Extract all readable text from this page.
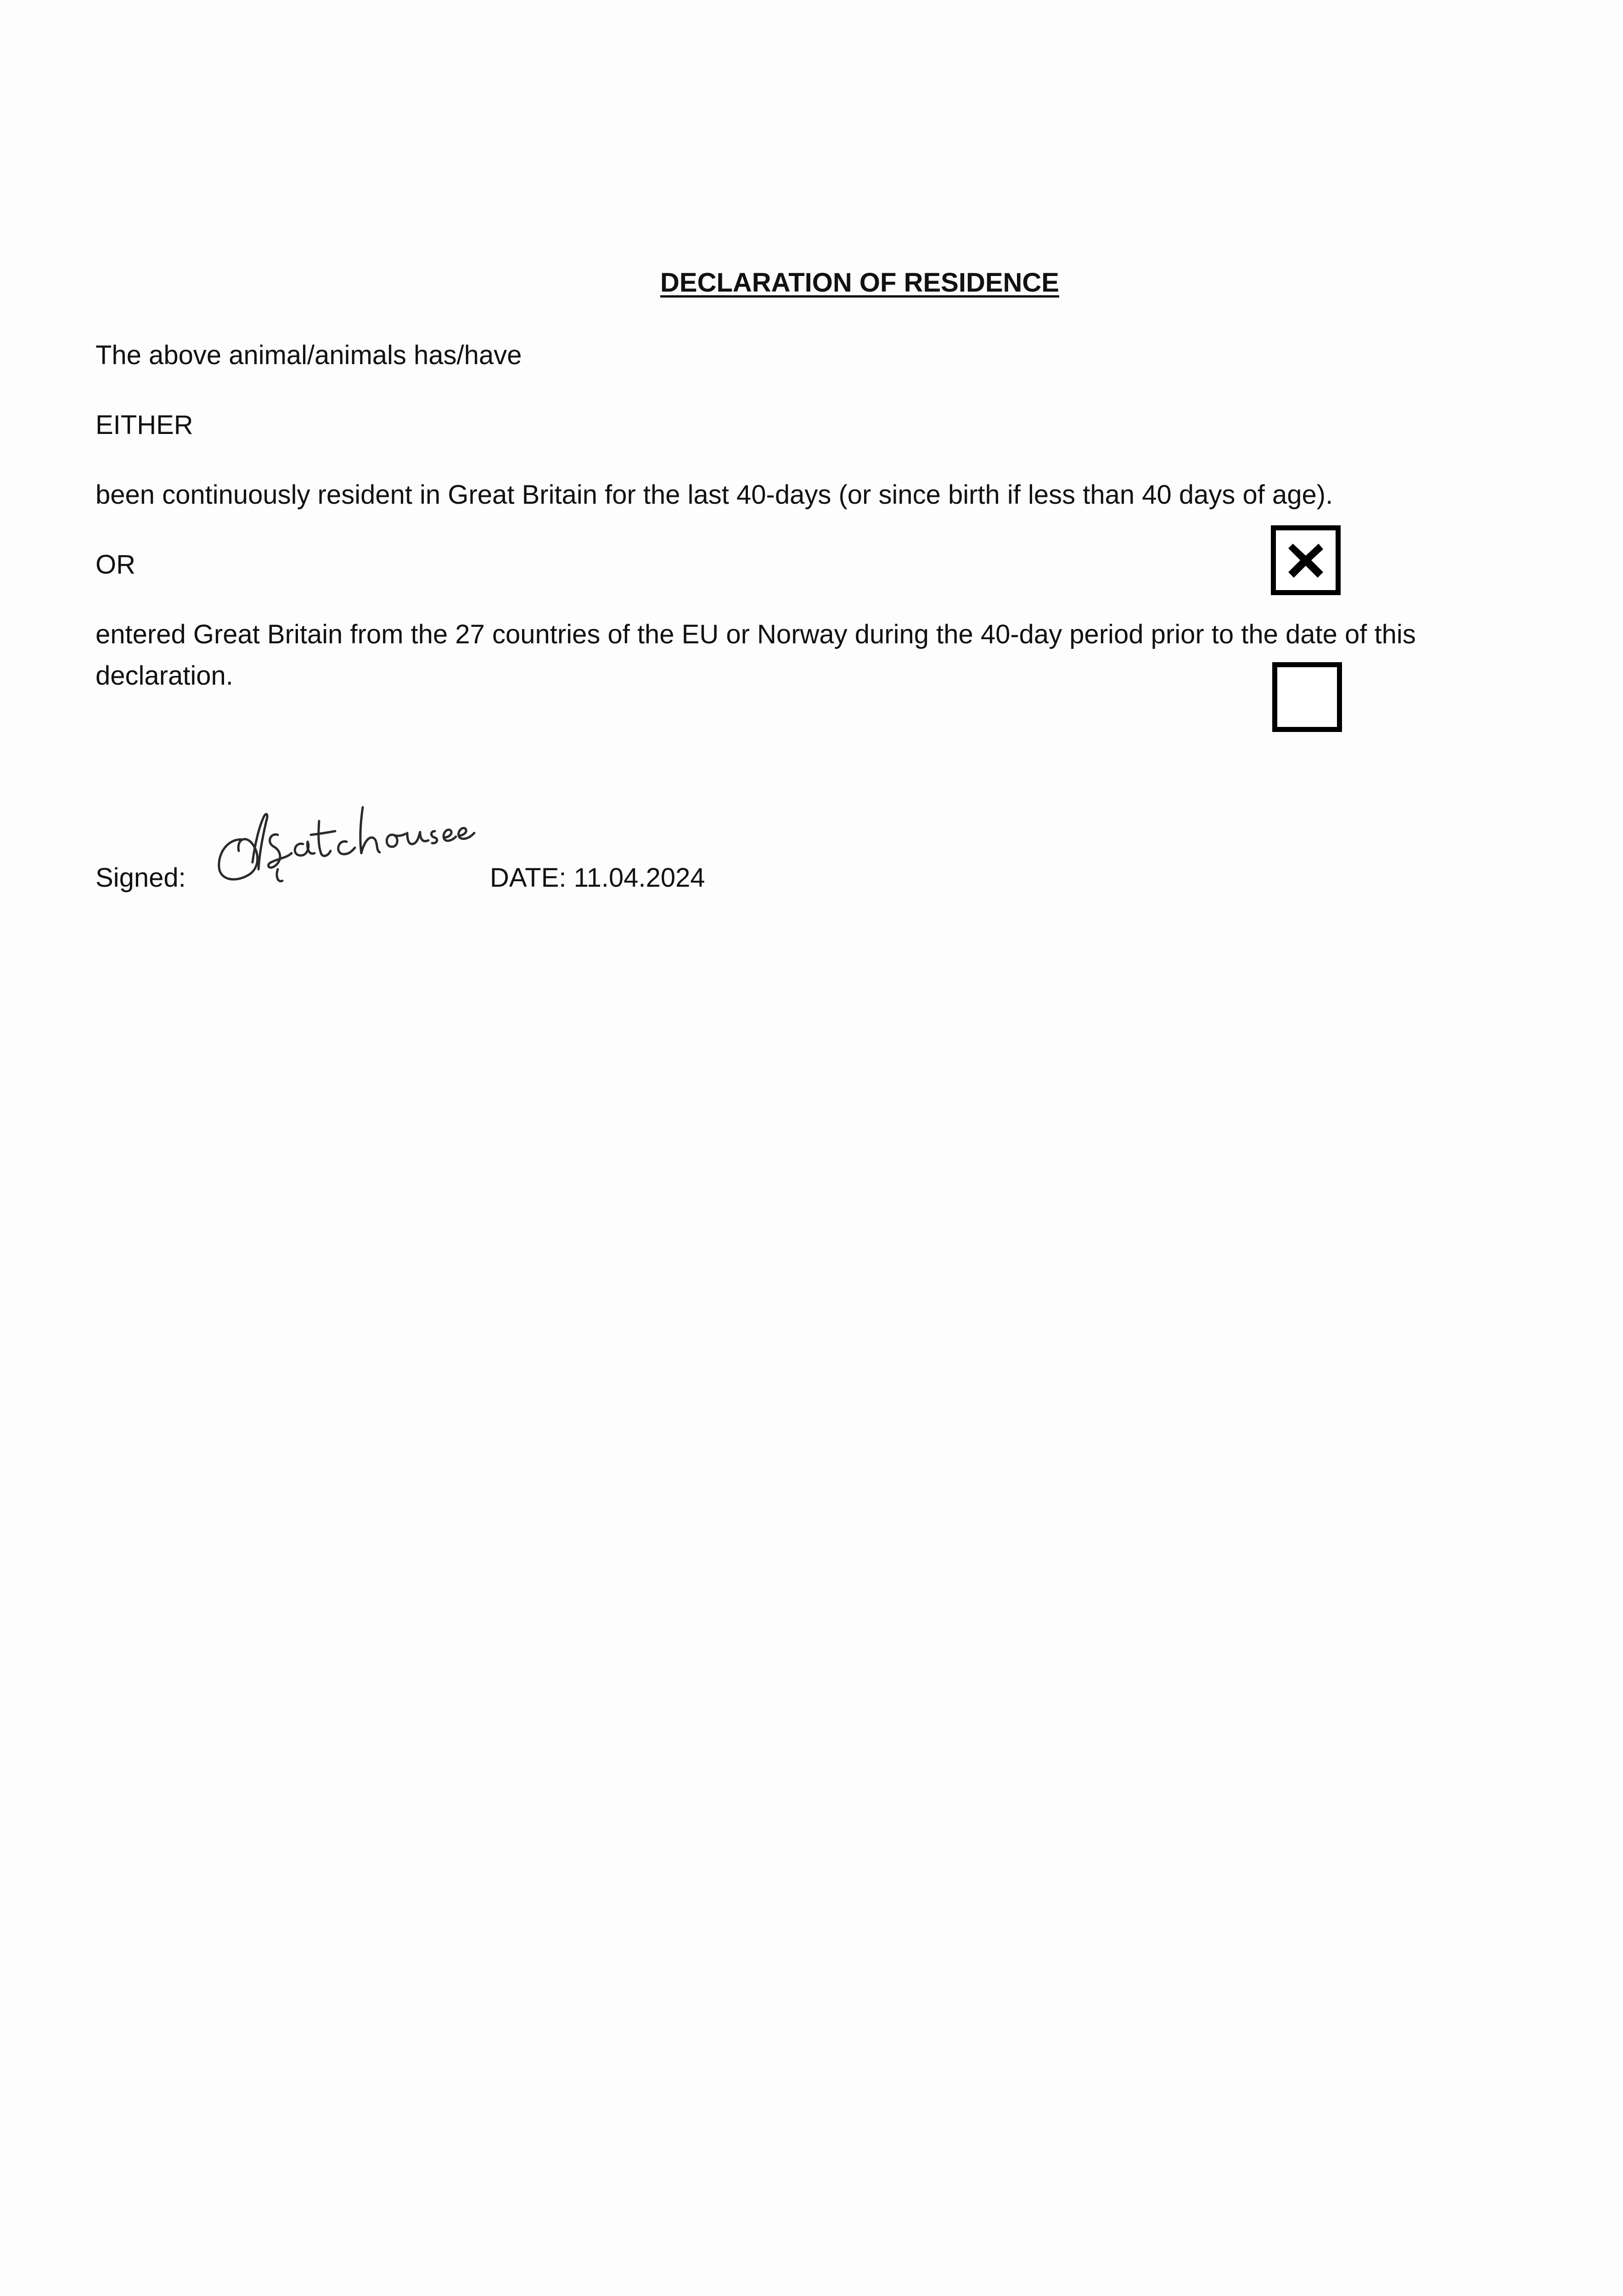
DECLARATION OF RESIDENCE

The above animal/animals has/have

EITHER

been continuously resident in Great Britain for the last 40-days (or since birth if less than 40 days of age).

OR

entered Great Britain from the 27 countries of the EU or Norway during the 40-day period prior to the date of this

declaration.

Signed:	DATE: 11.04.2024
